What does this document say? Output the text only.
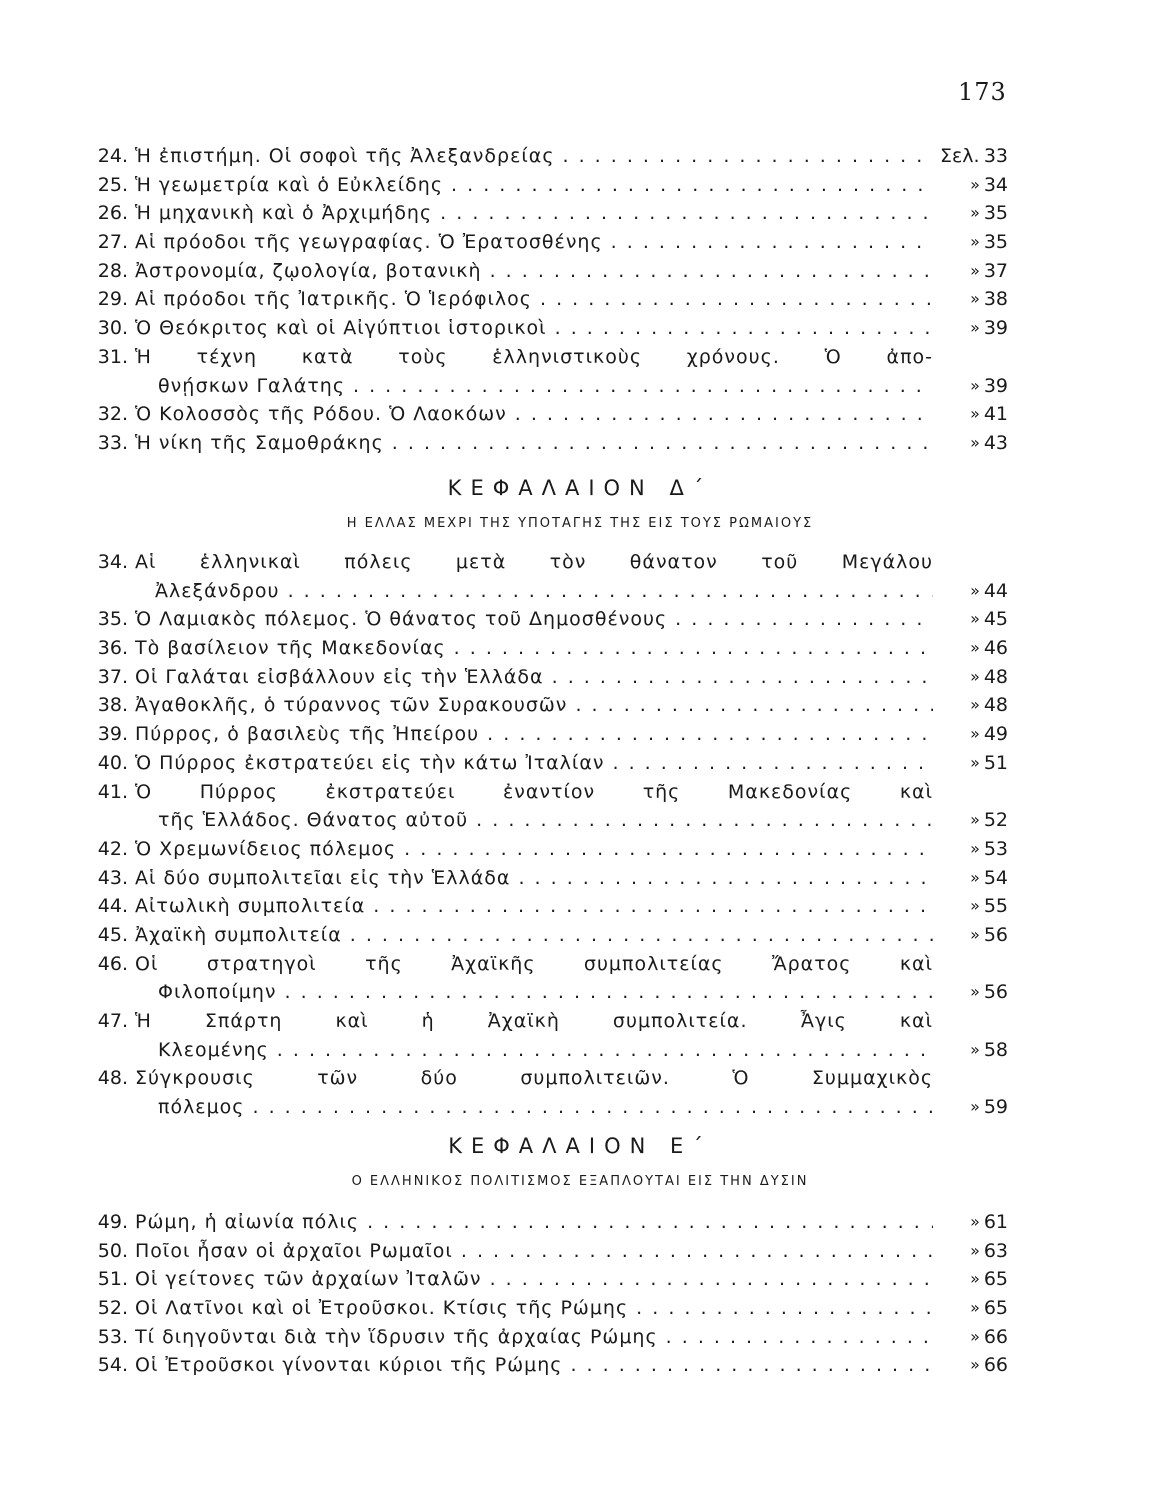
173
24. Ἡ ἐπιστήμη. Οἱ σοφοὶ τῆς Ἀλεξανδρείας . . .	Σελ. 33
25. Ἡ γεωμετρία καὶ ὁ Εὐκλείδης . . .	» 34
26. Ἡ μηχανικὴ καὶ ὁ Ἀρχιμήδης . . .	» 35
27. Αἱ πρόοδοι τῆς γεωγραφίας. Ὁ Ἐρατοσθένης . . .	» 35
28. Ἀστρονομία, ζῳολογία, βοτανικὴ . . .	» 37
29. Αἱ πρόοδοι τῆς Ἰατρικῆς. Ὁ Ἱερόφιλος . . .	» 38
30. Ὁ Θεόκριτος καὶ οἱ Αἰγύπτιοι ἱστορικοὶ . . .	» 39
31. Ἡ τέχνη κατὰ τοὺς ἑλληνιστικοὺς χρόνους. Ὁ ἀπο-
θνῄσκων Γαλάτης . . .	» 39
32. Ὁ Κολοσσὸς τῆς Ρόδου. Ὁ Λαοκόων . . .	» 41
33. Ἡ νίκη τῆς Σαμοθράκης . . .	» 43
ΚΕΦΑΛΑΙΟΝ Δ΄
Η ΕΛΛΑΣ ΜΕΧΡΙ ΤΗΣ ΥΠΟΤΑΓΗΣ ΤΗΣ ΕΙΣ ΤΟΥΣ ΡΩΜΑΙΟΥΣ
34. Αἱ ἑλληνικαὶ πόλεις μετὰ τὸν θάνατον τοῦ Μεγάλου
Ἀλεξάνδρου . . .	» 44
35. Ὁ Λαμιακὸς πόλεμος. Ὁ θάνατος τοῦ Δημοσθένους . . .	» 45
36. Τὸ βασίλειον τῆς Μακεδονίας . . .	» 46
37. Οἱ Γαλάται εἰσβάλλουν εἰς τὴν Ἑλλάδα . . .	» 48
38. Ἀγαθοκλῆς, ὁ τύραννος τῶν Συρακουσῶν . . .	» 48
39. Πύρρος, ὁ βασιλεὺς τῆς Ἠπείρου . . .	» 49
40. Ὁ Πύρρος ἐκστρατεύει εἰς τὴν κάτω Ἰταλίαν . . .	» 51
41. Ὁ Πύρρος ἐκστρατεύει ἐναντίον τῆς Μακεδονίας καὶ
τῆς Ἑλλάδος. Θάνατος αὐτοῦ . . .	» 52
42. Ὁ Χρεμωνίδειος πόλεμος . . .	» 53
43. Αἱ δύο συμπολιτεῖαι εἰς τὴν Ἑλλάδα . . .	» 54
44. Αἰτωλικὴ συμπολιτεία . . .	» 55
45. Ἀχαϊκὴ συμπολιτεία . . .	» 56
46. Οἱ στρατηγοὶ τῆς Ἀχαϊκῆς συμπολιτείας Ἄρατος καὶ
Φιλοποίμην . . .	» 56
47. Ἡ Σπάρτη καὶ ἡ Ἀχαϊκὴ συμπολιτεία. Ἆγις καὶ
Κλεομένης . . .	» 58
48. Σύγκρουσις τῶν δύο συμπολιτειῶν. Ὁ Συμμαχικὸς
πόλεμος . . .	» 59
ΚΕΦΑΛΑΙΟΝ Ε΄
Ο ΕΛΛΗΝΙΚΟΣ ΠΟΛΙΤΙΣΜΟΣ ΕΞΑΠΛΟΥΤΑΙ ΕΙΣ ΤΗΝ ΔΥΣΙΝ
49. Ρώμη, ἡ αἰωνία πόλις . . .	» 61
50. Ποῖοι ἦσαν οἱ ἀρχαῖοι Ρωμαῖοι . . .	» 63
51. Οἱ γείτονες τῶν ἀρχαίων Ἰταλῶν . . .	» 65
52. Οἱ Λατῖνοι καὶ οἱ Ἐτροῦσκοι. Κτίσις τῆς Ρώμης . . .	» 65
53. Τί διηγοῦνται διὰ τὴν ἵδρυσιν τῆς ἀρχαίας Ρώμης . . .	» 66
54. Οἱ Ἐτροῦσκοι γίνονται κύριοι τῆς Ρώμης . . .	» 66
